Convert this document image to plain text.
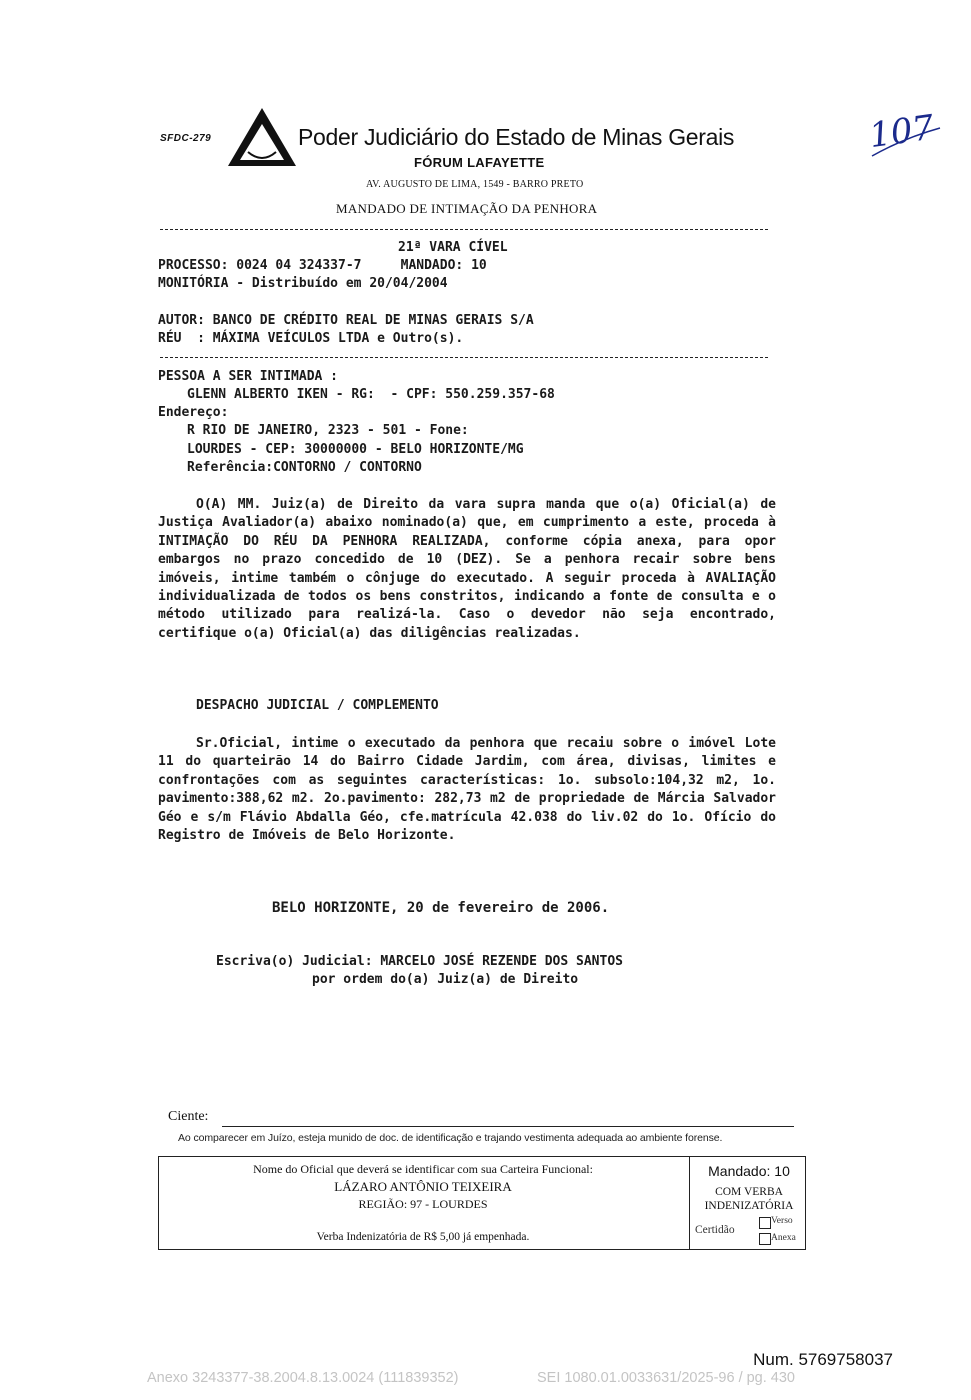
SFDC-279	Poder Judiciário do Estado de Minas Gerais
FÓRUM LAFAYETTE
AV. AUGUSTO DE LIMA, 1549 - BARRO PRETO
MANDADO DE INTIMAÇÃO DA PENHORA
107
21ª VARA CÍVEL
PROCESSO: 0024 04 324337-7     MANDADO: 10
MONITÓRIA - Distribuído em 20/04/2004
AUTOR: BANCO DE CRÉDITO REAL DE MINAS GERAIS S/A
RÉU  : MÁXIMA VEÍCULOS LTDA e Outro(s).
PESSOA A SER INTIMADA :
GLENN ALBERTO IKEN - RG:  - CPF: 550.259.357-68
Endereço:
R RIO DE JANEIRO, 2323 - 501 - Fone:
LOURDES - CEP: 30000000 - BELO HORIZONTE/MG
Referência:CONTORNO / CONTORNO
O(A) MM. Juiz(a) de Direito da vara supra manda que o(a) Oficial(a) de Justiça Avaliador(a) abaixo nominado(a) que, em cumprimento a este, proceda à INTIMAÇÃO DO RÉU DA PENHORA REALIZADA, conforme cópia anexa, para opor embargos no prazo concedido de 10 (DEZ). Se a penhora recair sobre bens imóveis, intime também o cônjuge do executado. A seguir proceda à AVALIAÇÃO individualizada de todos os bens constritos, indicando a fonte de consulta e o método utilizado para realizá-la. Caso o devedor não seja encontrado, certifique o(a) Oficial(a) das diligências realizadas.
DESPACHO JUDICIAL / COMPLEMENTO
Sr.Oficial, intime o executado da penhora que recaiu sobre o imóvel Lote 11 do quarteirão 14 do Bairro Cidade Jardim, com área, divisas, limites e confrontações com as seguintes características: 1o. subsolo:104,32 m2, 1o. pavimento:388,62 m2. 2o.pavimento: 282,73 m2 de propriedade de Márcia Salvador Géo e s/m Flávio Abdalla Géo, cfe.matrícula 42.038 do liv.02 do 1o. Ofício do Registro de Imóveis de Belo Horizonte.
BELO HORIZONTE, 20 de fevereiro de 2006.
Escriva(o) Judicial: MARCELO JOSÉ REZENDE DOS SANTOS
por ordem do(a) Juiz(a) de Direito
Ciente:
Ao comparecer em Juízo, esteja munido de doc. de identificação e trajando vestimenta adequada ao ambiente forense.
Nome do Oficial que deverá se identificar com sua Carteira Funcional:
LÁZARO ANTÔNIO TEIXEIRA
REGIÃO: 97 - LOURDES
Verba Indenizatória de R$ 5,00 já empenhada.
Mandado: 10
COM VERBA INDENIZATÓRIA
Certidão
Verso
Anexa
Num. 5769758037
Anexo 3243377-38.2004.8.13.0024 (111839352)	SEI 1080.01.0033631/2025-96 / pg. 430
